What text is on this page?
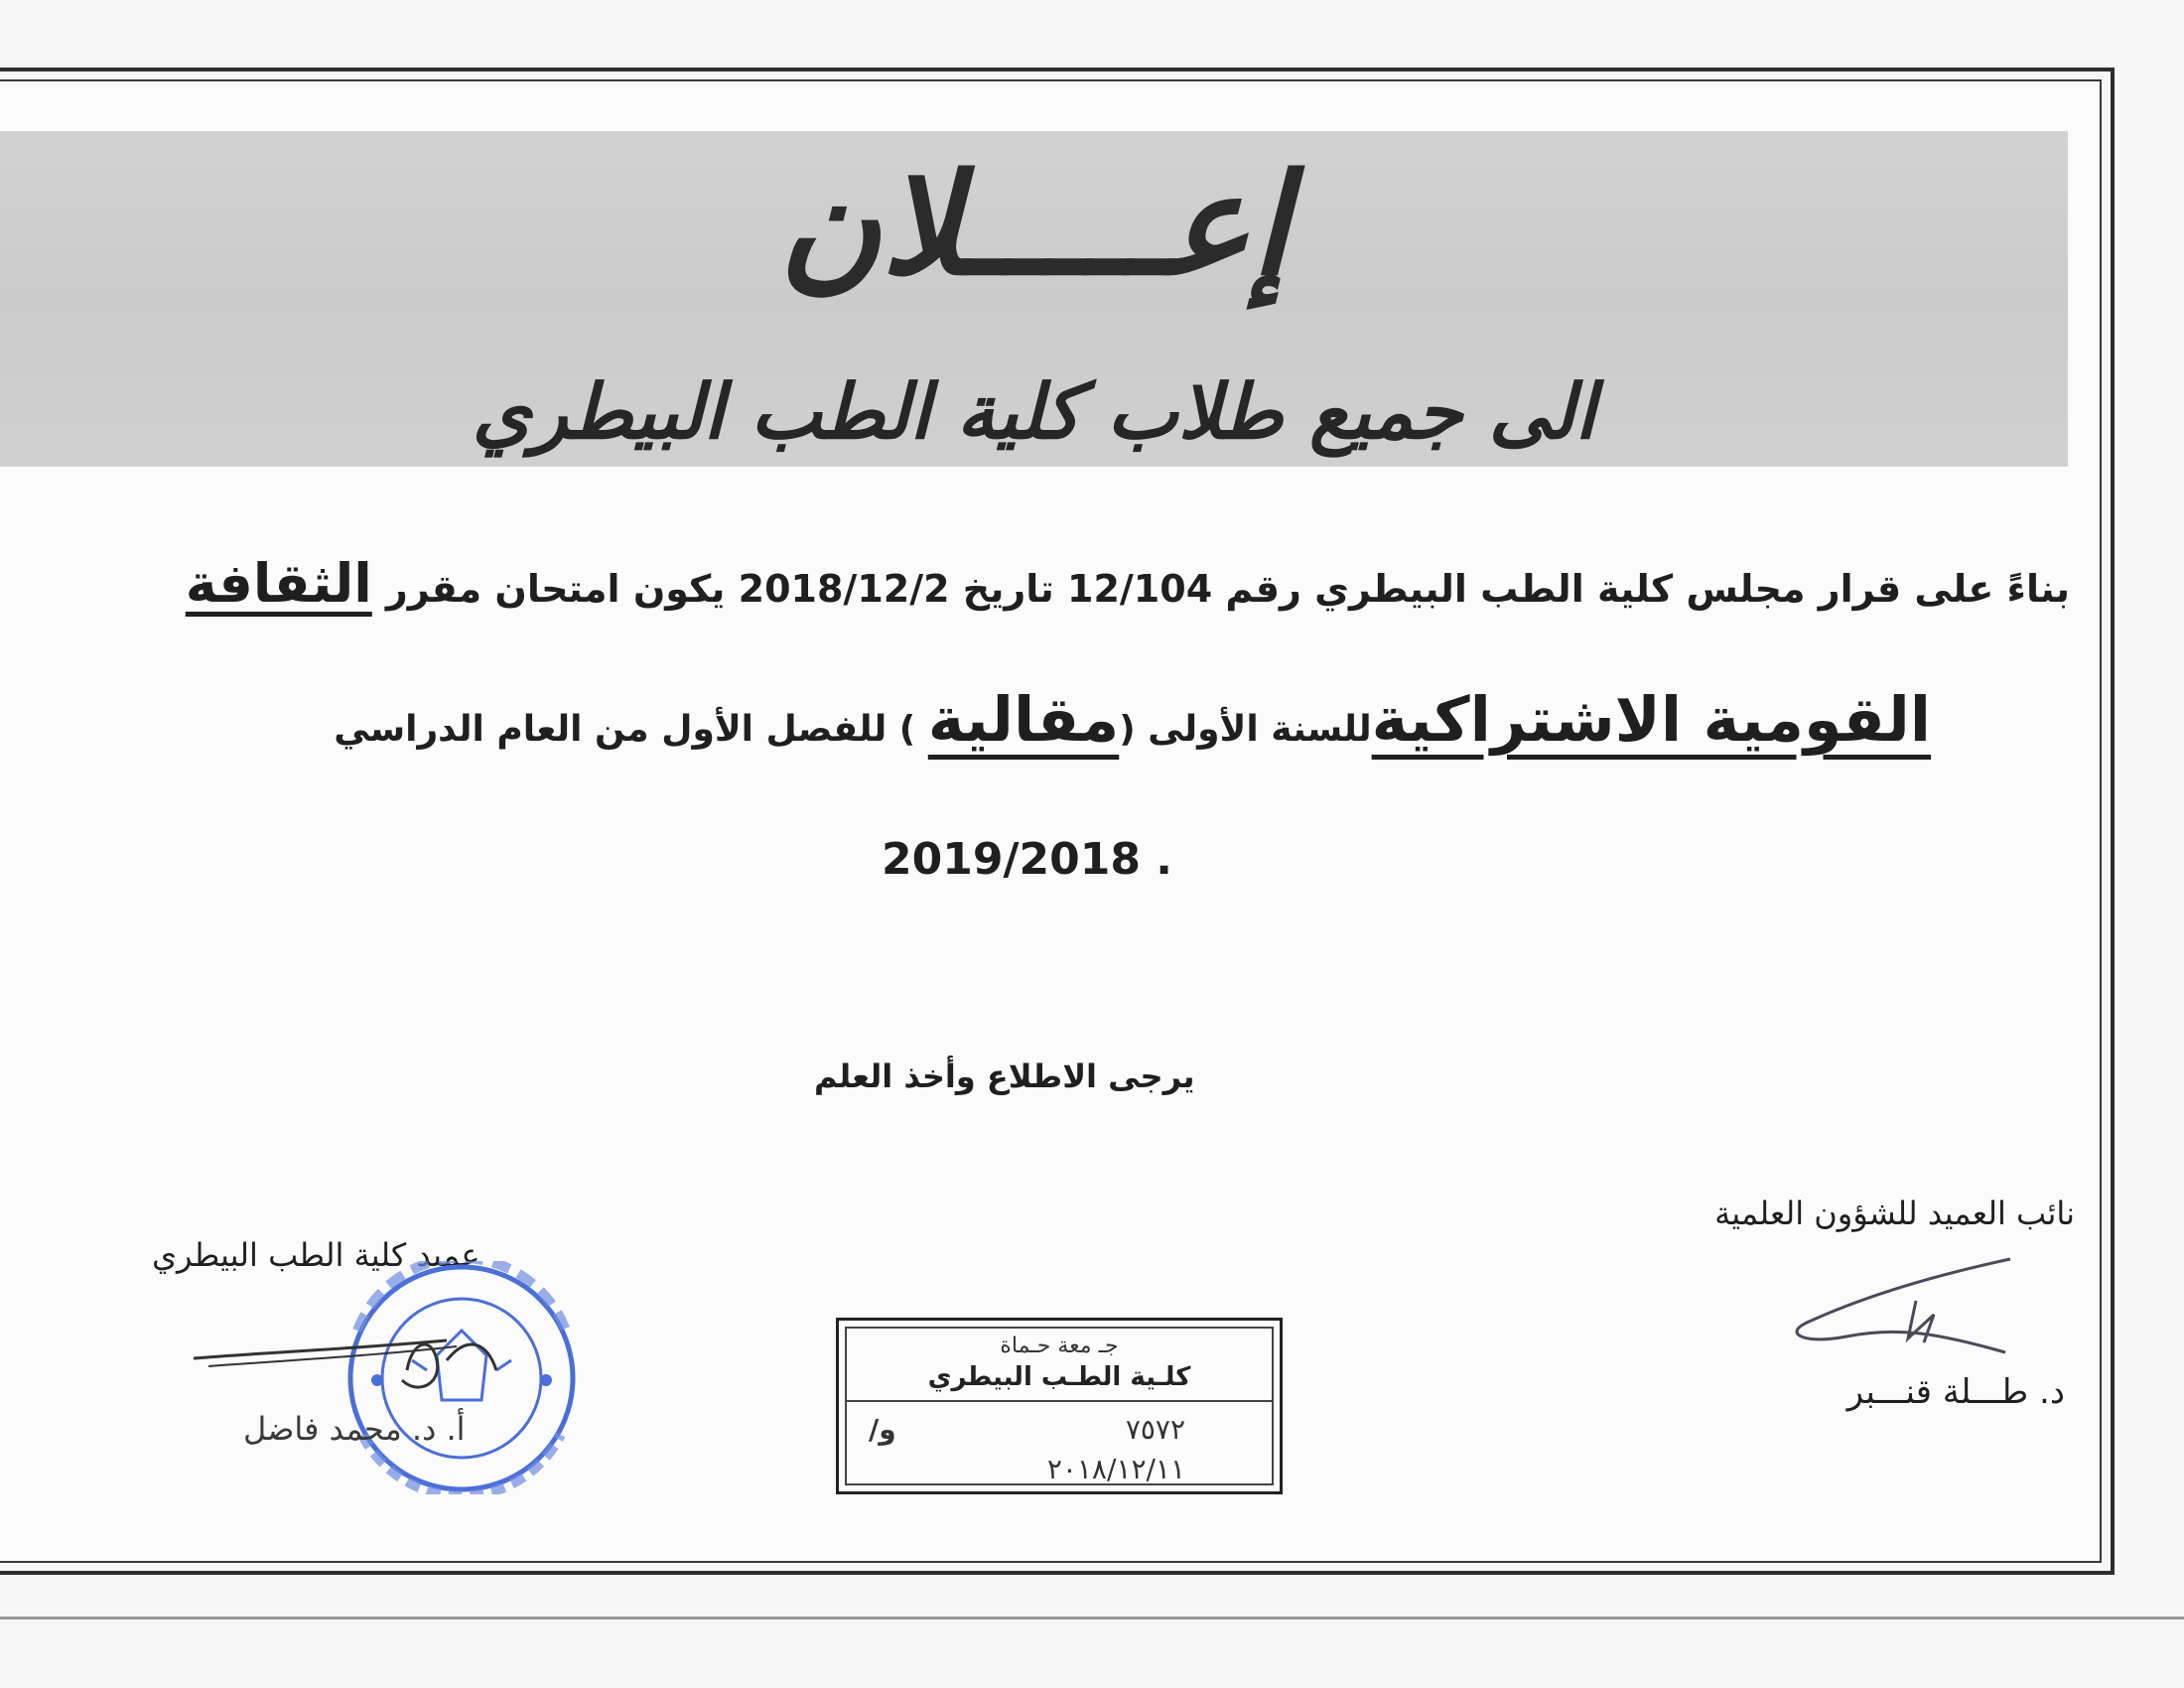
إعـــــلان
الى جميع طلاب كلية الطب البيطري
بناءً على قرار مجلس كلية الطب البيطري رقم 12/104 تاريخ 2018/12/2 يكون امتحان مقررالثقافة
القومية الاشتراكيةللسنة الأولى (مقالية ) للفصل الأول من العام الدراسي
2019/2018 .
يرجى الاطلاع وأخذ العلم
نائب العميد للشؤون العلمية
د. طـــلة قنـــبر
عميد كلية الطب البيطري
أ. د. محمد فاضل
جـ معة حـماة
كلـية الطـب البيطري
٧٥٧٢
و/
٢٠١٨/١٢/١١
